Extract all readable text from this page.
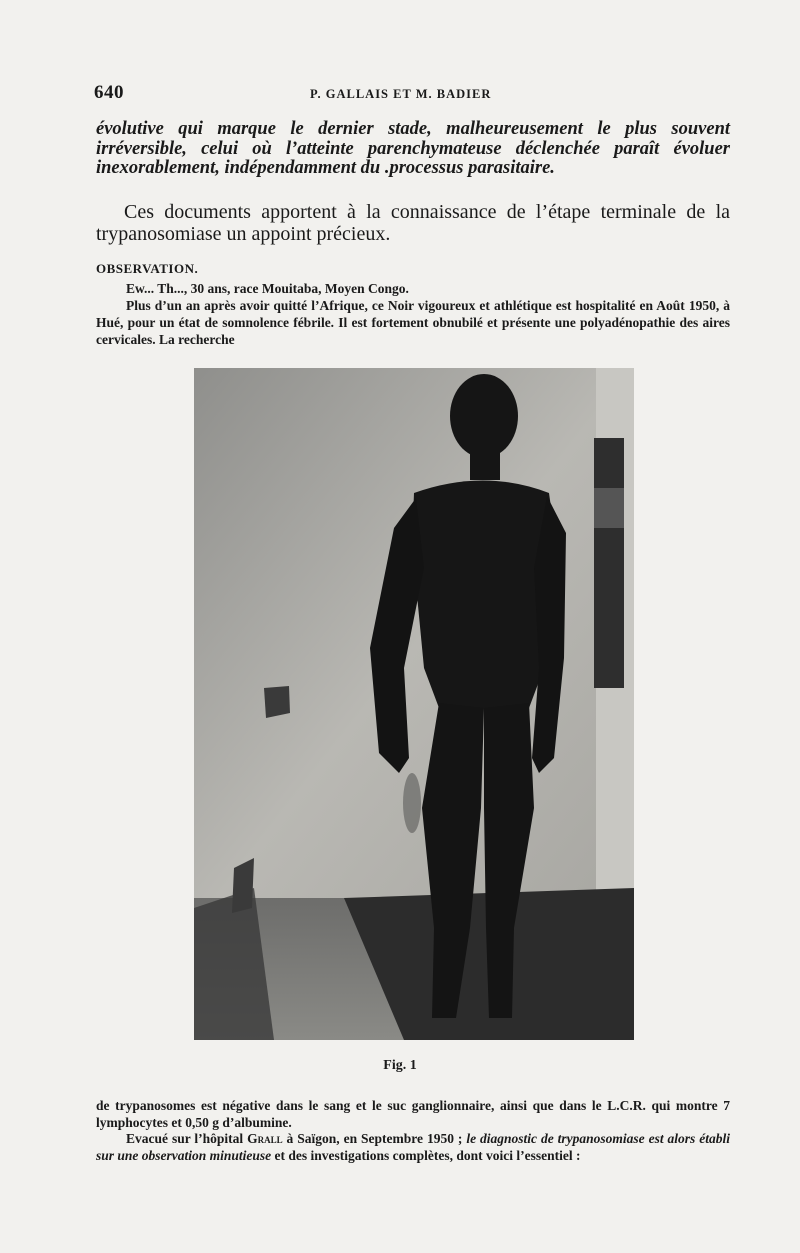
640	P. GALLAIS ET M. BADIER

évolutive qui marque le dernier stade, malheureusement le plus souvent irréversible, celui où l’atteinte parenchymateuse déclenchée paraît évoluer inexorablement, indépendamment du .processus parasitaire.

Ces documents apportent à la connaissance de l’étape terminale de la trypanosomiase un appoint précieux.

OBSERVATION.

Ew... Th..., 30 ans, race Mouitaba, Moyen Congo.

Plus d’un an après avoir quitté l’Afrique, ce Noir vigoureux et athlétique est hospitalité en Août 1950, à Hué, pour un état de somnolence fébrile. Il est fortement obnubilé et présente une polyadénopathie des aires cervicales. La recherche

Fig. 1

de trypanosomes est négative dans le sang et le suc ganglionnaire, ainsi que dans le L.C.R. qui montre 7 lymphocytes et 0,50 g d’albumine.

Evacué sur l’hôpital Grall à Saïgon, en Septembre 1950 ; le diagnostic de trypanosomiase est alors établi sur une observation minutieuse et des investigations complètes, dont voici l’essentiel :
